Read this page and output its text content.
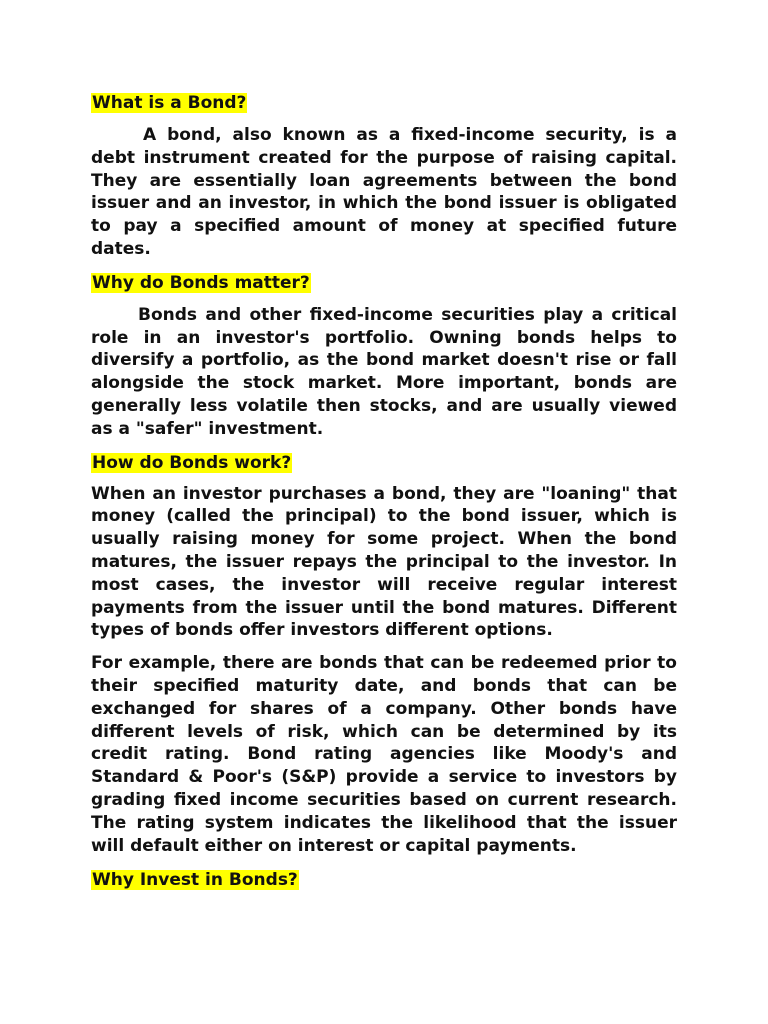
What is a Bond?

A bond, also known as a fixed-income security, is a debt instrument created for the purpose of raising capital. They are essentially loan agreements between the bond issuer and an investor, in which the bond issuer is obligated to pay a specified amount of money at specified future dates.

Why do Bonds matter?

Bonds and other fixed-income securities play a critical role in an investor's portfolio. Owning bonds helps to diversify a portfolio, as the bond market doesn't rise or fall alongside the stock market. More important, bonds are generally less volatile then stocks, and are usually viewed as a "safer" investment.

How do Bonds work?

When an investor purchases a bond, they are "loaning" that money (called the principal) to the bond issuer, which is usually raising money for some project. When the bond matures, the issuer repays the principal to the investor. In most cases, the investor will receive regular interest payments from the issuer until the bond matures. Different types of bonds offer investors different options.

For example, there are bonds that can be redeemed prior to their specified maturity date, and bonds that can be exchanged for shares of a company. Other bonds have different levels of risk, which can be determined by its credit rating. Bond rating agencies like Moody's and Standard & Poor's (S&P) provide a service to investors by grading fixed income securities based on current research. The rating system indicates the likelihood that the issuer will default either on interest or capital payments.

Why Invest in Bonds?
